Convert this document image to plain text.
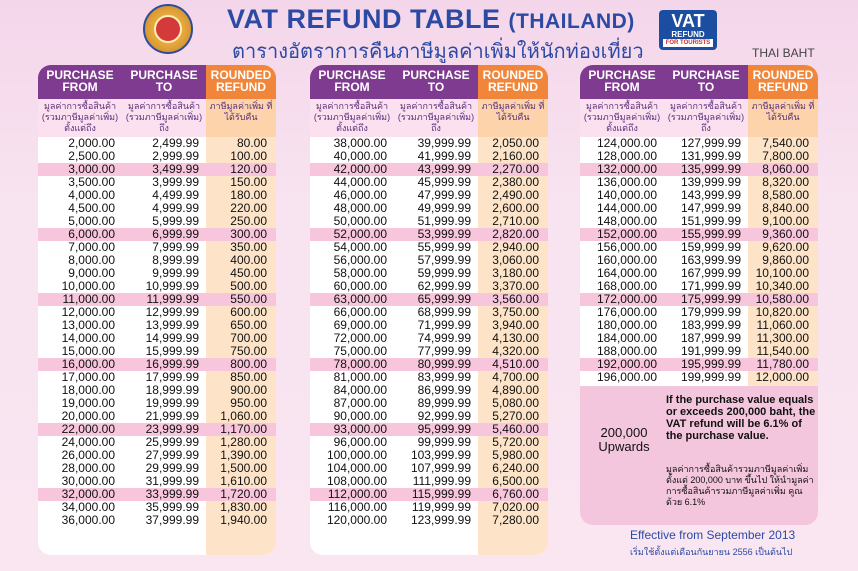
VAT REFUND TABLE (THAILAND)
ตารางอัตราการคืนภาษีมูลค่าเพิ่มให้นักท่องเที่ยว
VAT
REFUND
FOR TOURISTS
THAI BAHT
PURCHASE
FROM
มูลค่าการซื้อสินค้า (รวมภาษีมูลค่าเพิ่ม) ตั้งแต่ถึง
PURCHASE
TO
มูลค่าการซื้อสินค้า (รวมภาษีมูลค่าเพิ่ม) ถึง
ROUNDED
REFUND
ภาษีมูลค่าเพิ่ม ที่ได้รับคืน
2,000.00	2,499.99	80.00
2,500.00	2,999.99	100.00
3,000.00	3,499.99	120.00
3,500.00	3,999.99	150.00
4,000.00	4,499.99	180.00
4,500.00	4,999.99	220.00
5,000.00	5,999.99	250.00
6,000.00	6,999.99	300.00
7,000.00	7,999.99	350.00
8,000.00	8,999.99	400.00
9,000.00	9,999.99	450.00
10,000.00	10,999.99	500.00
11,000.00	11,999.99	550.00
12,000.00	12,999.99	600.00
13,000.00	13,999.99	650.00
14,000.00	14,999.99	700.00
15,000.00	15,999.99	750.00
16,000.00	16,999.99	800.00
17,000.00	17,999.99	850.00
18,000.00	18,999.99	900.00
19,000.00	19,999.99	950.00
20,000.00	21,999.99 1,060.00
22,000.00	23,999.99 1,170.00
24,000.00	25,999.99 1,280.00
26,000.00	27,999.99 1,390.00
28,000.00	29,999.99 1,500.00
30,000.00	31,999.99 1,610.00
32,000.00	33,999.99 1,720.00
34,000.00	35,999.99 1,830.00
36,000.00	37,999.99 1,940.00
PURCHASE
FROM
มูลค่าการซื้อสินค้า (รวมภาษีมูลค่าเพิ่ม) ตั้งแต่ถึง
PURCHASE
TO
มูลค่าการซื้อสินค้า (รวมภาษีมูลค่าเพิ่ม) ถึง
ROUNDED
REFUND
ภาษีมูลค่าเพิ่ม ที่ได้รับคืน
38,000.00	39,999.99 2,050.00
40,000.00	41,999.99 2,160.00
42,000.00	43,999.99 2,270.00
44,000.00	45,999.99 2,380.00
46,000.00	47,999.99 2,490.00
48,000.00	49,999.99 2,600.00
50,000.00	51,999.99 2,710.00
52,000.00	53,999.99 2,820.00
54,000.00	55,999.99 2,940.00
56,000.00	57,999.99 3,060.00
58,000.00	59,999.99 3,180.00
60,000.00	62,999.99 3,370.00
63,000.00	65,999.99 3,560.00
66,000.00	68,999.99 3,750.00
69,000.00	71,999.99 3,940.00
72,000.00	74,999.99 4,130.00
75,000.00	77,999.99 4,320.00
78,000.00	80,999.99 4,510.00
81,000.00	83,999.99 4,700.00
84,000.00	86,999.99 4,890.00
87,000.00	89,999.99 5,080.00
90,000.00	92,999.99 5,270.00
93,000.00	95,999.99 5,460.00
96,000.00	99,999.99 5,720.00
100,000.00 103,999.99 5,980.00
104,000.00 107,999.99 6,240.00
108,000.00 111,999.99 6,500.00
112,000.00 115,999.99 6,760.00
116,000.00 119,999.99 7,020.00
120,000.00 123,999.99 7,280.00
PURCHASE
FROM
มูลค่าการซื้อสินค้า (รวมภาษีมูลค่าเพิ่ม) ตั้งแต่ถึง
PURCHASE
TO
มูลค่าการซื้อสินค้า (รวมภาษีมูลค่าเพิ่ม) ถึง
ROUNDED
REFUND
ภาษีมูลค่าเพิ่ม ที่ได้รับคืน
124,000.00 127,999.99 7,540.00
128,000.00 131,999.99 7,800.00
132,000.00 135,999.99 8,060.00
136,000.00 139,999.99 8,320.00
140,000.00 143,999.99 8,580.00
144,000.00 147,999.99 8,840.00
148,000.00 151,999.99 9,100.00
152,000.00 155,999.99 9,360.00
156,000.00 159,999.99 9,620.00
160,000.00 163,999.99 9,860.00
164,000.00 167,999.99 10,100.00
168,000.00 171,999.99 10,340.00
172,000.00 175,999.99 10,580.00
176,000.00 179,999.99 10,820.00
180,000.00 183,999.99 11,060.00
184,000.00 187,999.99 11,300.00
188,000.00 191,999.99 11,540.00
192,000.00 195,999.99 11,780.00
196,000.00 199,999.99 12,000.00
200,000 Upwards
If the purchase value equals or exceeds 200,000 baht, the VAT refund will be 6.1% of the purchase value.
มูลค่าการซื้อสินค้ารวมภาษีมูลค่าเพิ่ม ตั้งแต่ 200,000 บาท ขึ้นไป ให้นำมูลค่าการซื้อสินค้ารวมภาษีมูลค่าเพิ่ม คูณด้วย 6.1%
Effective from September 2013
เริ่มใช้ตั้งแต่เดือนกันยายน 2556 เป็นต้นไป
